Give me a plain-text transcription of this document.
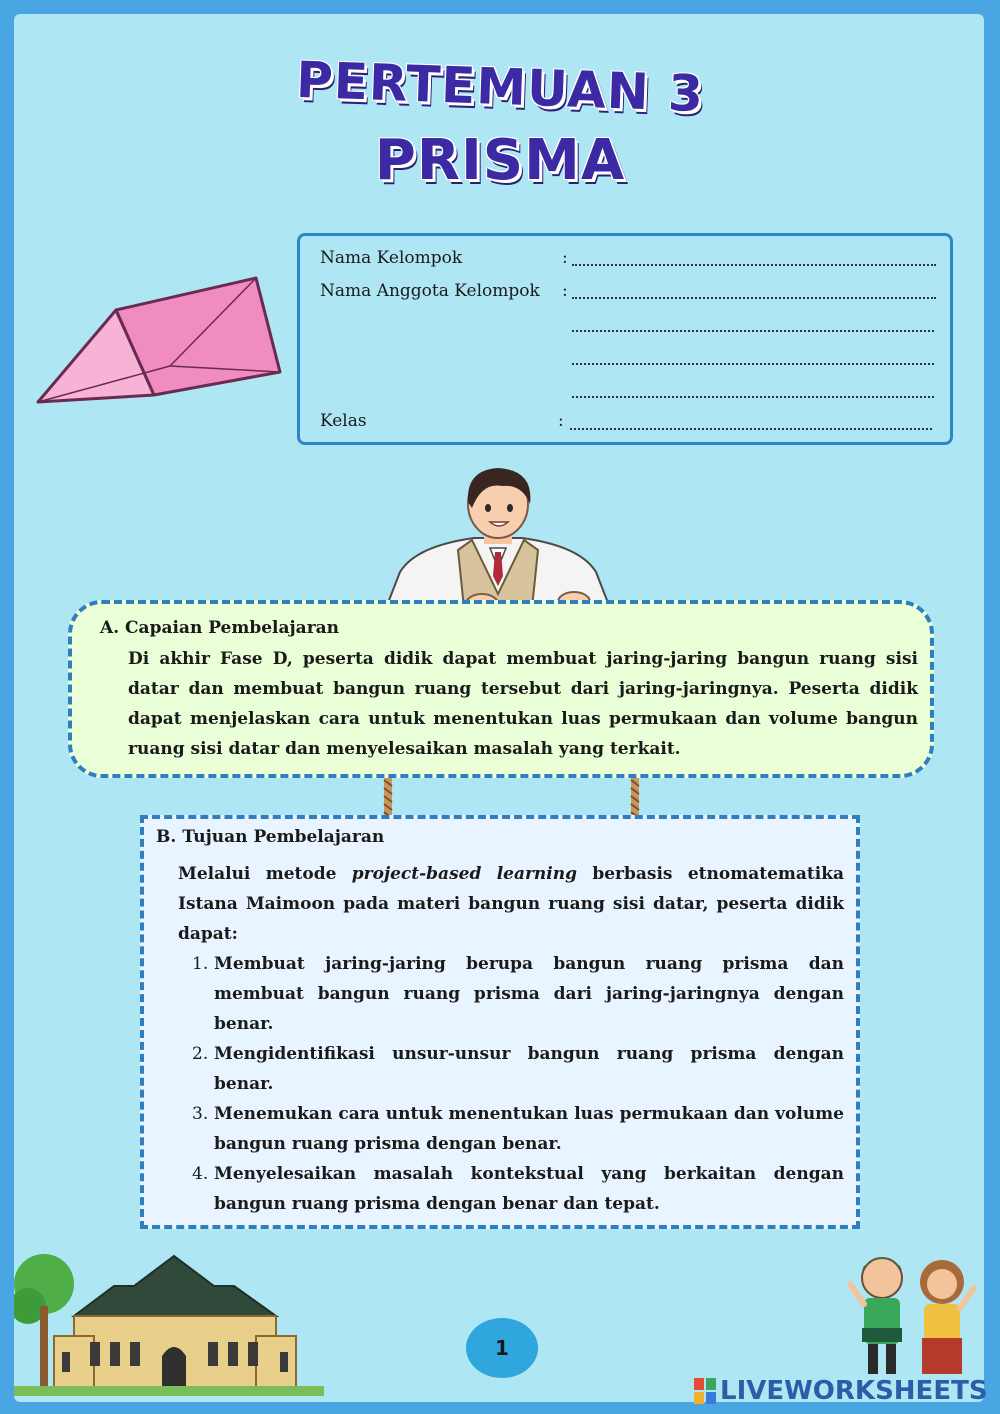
PERTEMUAN 3
PRISMA
Nama Kelompok	:
Nama Anggota Kelompok :
Kelas	:
A. Capaian Pembelajaran
Di akhir Fase D, peserta didik dapat membuat jaring-jaring bangun ruang sisi datar dan membuat bangun ruang tersebut dari jaring-jaringnya. Peserta didik dapat menjelaskan cara untuk menentukan luas permukaan dan volume bangun ruang sisi datar dan menyelesaikan masalah yang terkait.
B. Tujuan Pembelajaran
Melalui metode project-based learning berbasis etnomatematika Istana Maimoon pada materi bangun ruang sisi datar, peserta didik dapat:
1. Membuat jaring-jaring berupa bangun ruang prisma dan membuat bangun ruang prisma dari jaring-jaringnya dengan benar.
2. Mengidentifikasi unsur-unsur bangun ruang prisma dengan benar.
3. Menemukan cara untuk menentukan luas permukaan dan volume bangun ruang prisma dengan benar.
4. Menyelesaikan masalah kontekstual yang berkaitan dengan bangun ruang prisma dengan benar dan tepat.
1
LIVEWORKSHEETS
